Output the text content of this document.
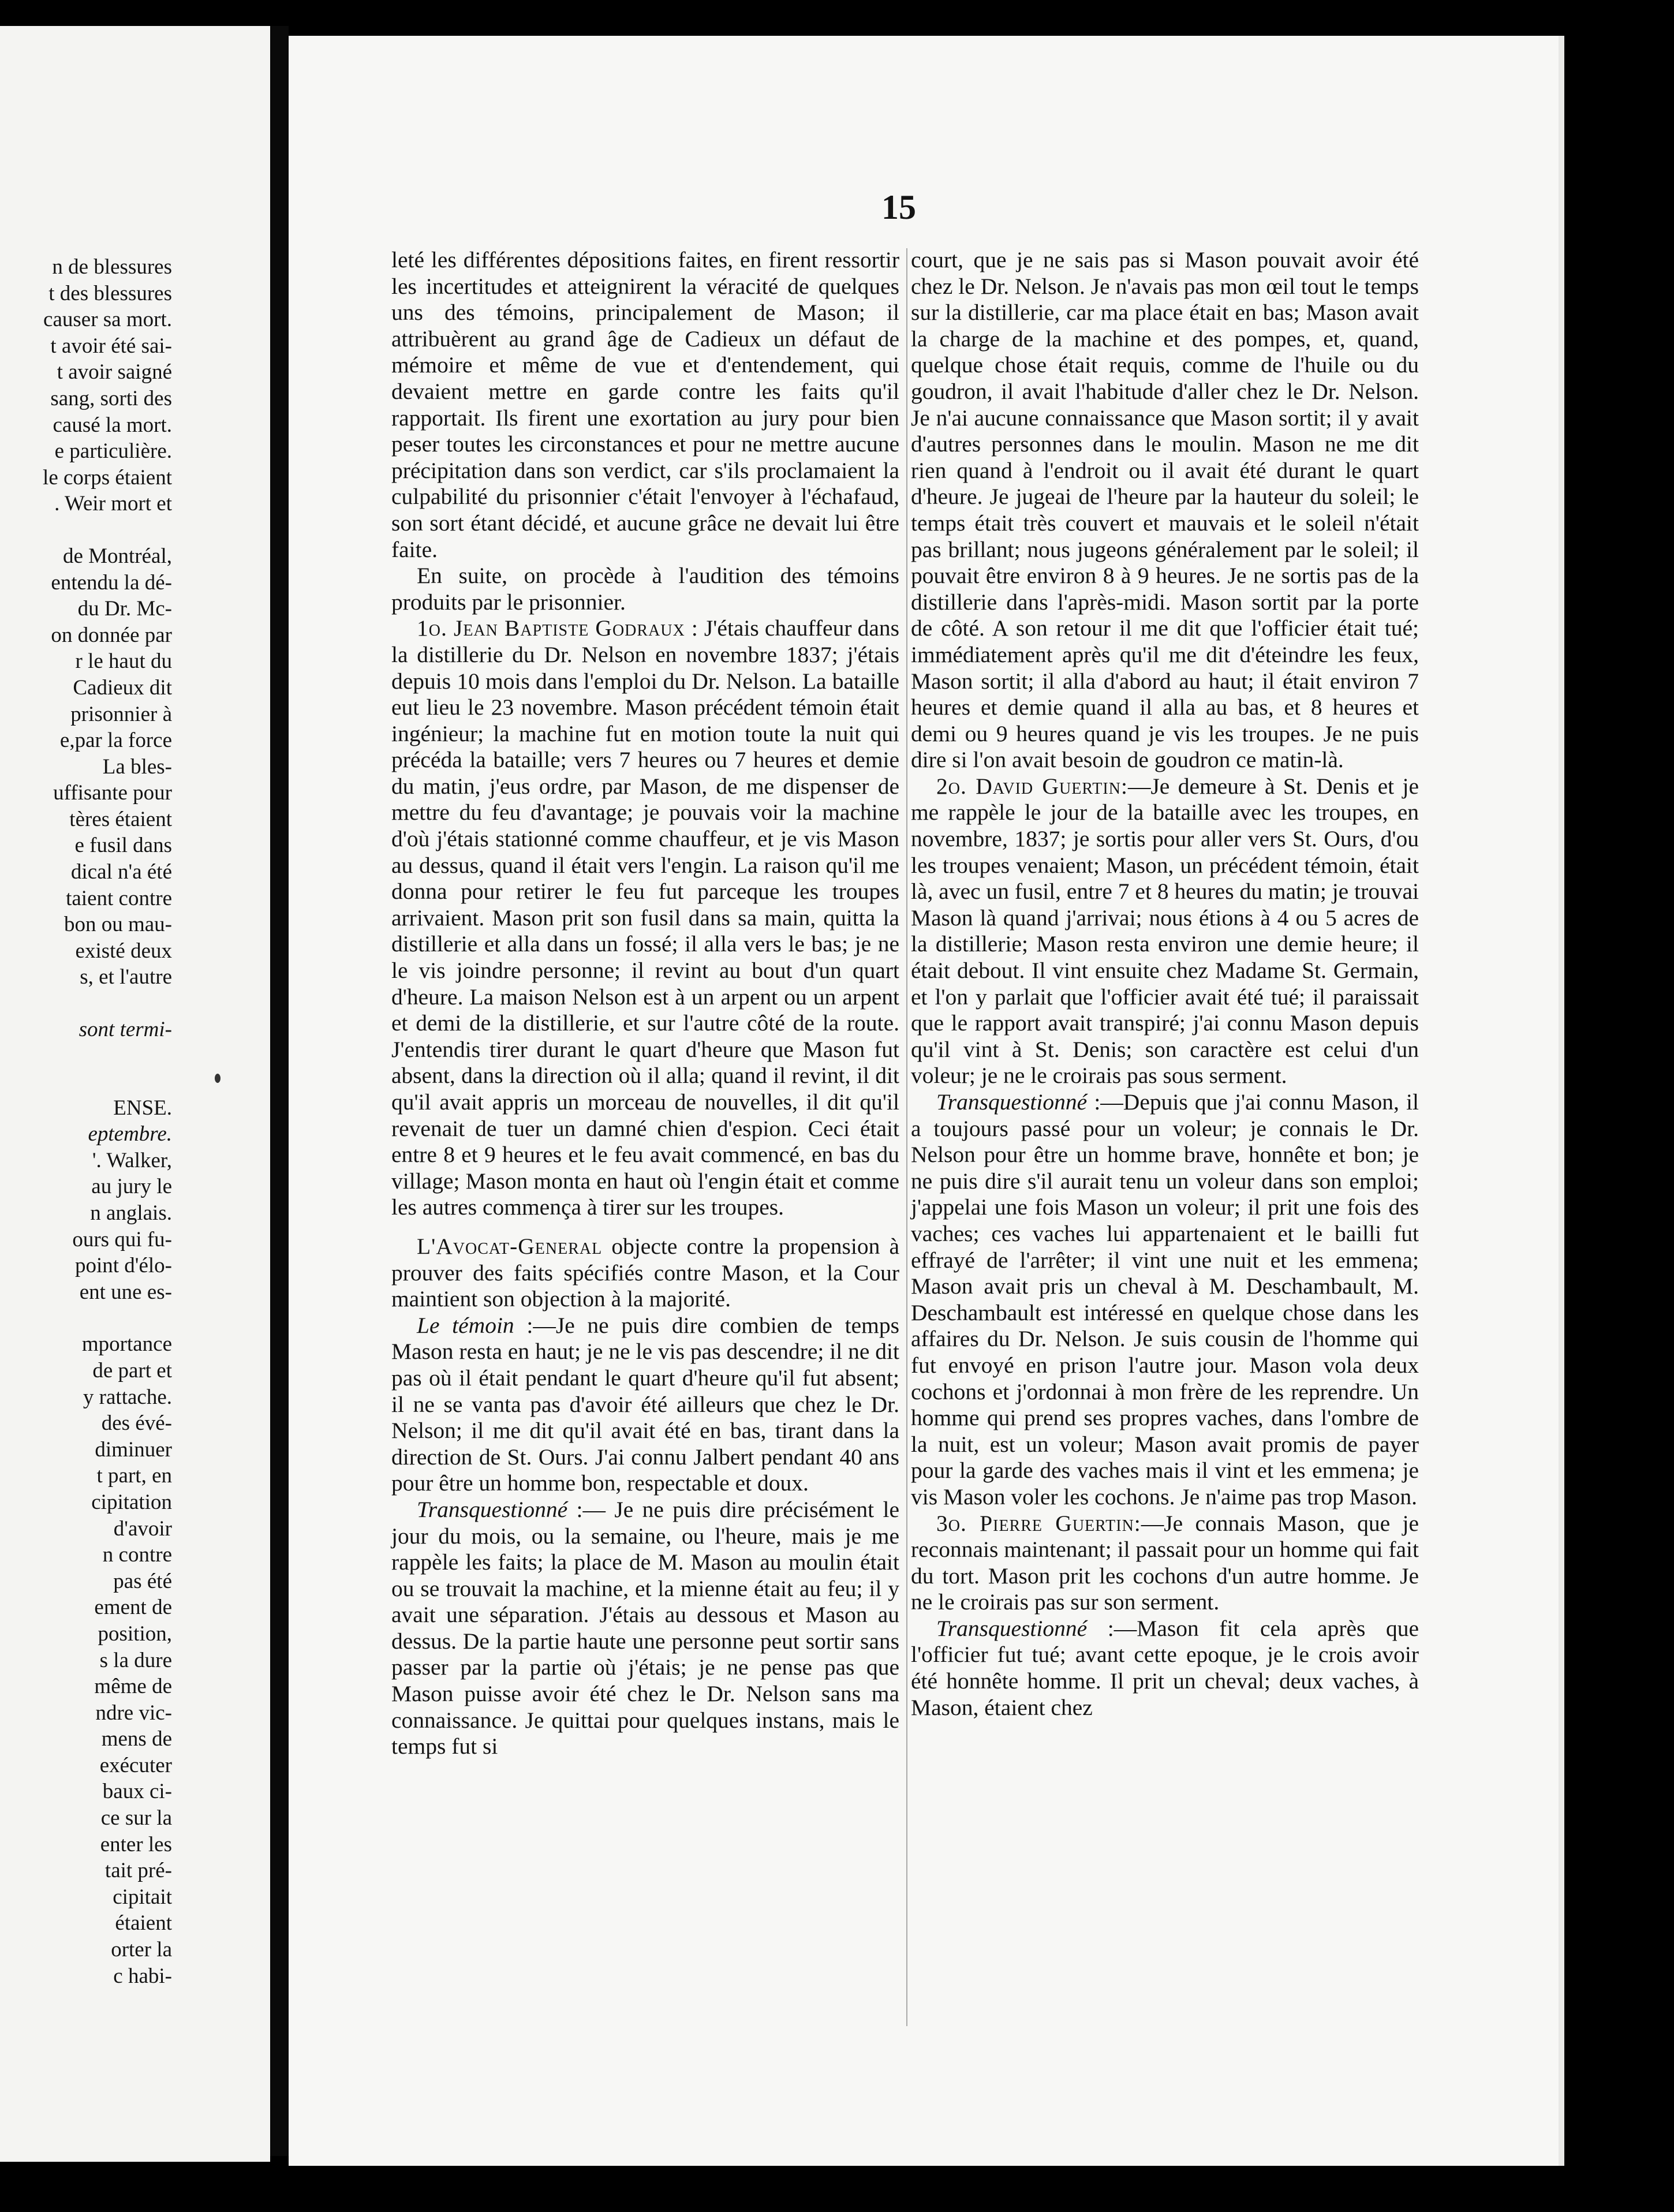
n de blessures
t des blessures
causer sa mort.
t avoir été sai-
t avoir saigné
sang, sorti des
causé la mort.
e particulière.
le corps étaient
. Weir mort et
de Montréal,
entendu la dé-
du Dr. Mc-
on donnée par
r le haut du
Cadieux dit
prisonnier à
e,par la force
La bles-
uffisante pour
tères étaient
e fusil dans
dical n'a été
taient contre
bon ou mau-
existé deux
s, et l'autre
sont termi-
ENSE.
eptembre.
'. Walker,
au jury le
n anglais.
ours qui fu-
point d'élo-
ent une es-
mportance
de part et
y rattache.
des évé-
diminuer
t part, en
cipitation
d'avoir
n contre
pas été
ement de
position,
s la dure
même de
ndre vic-
mens de
exécuter
baux ci-
ce sur la
enter les
tait pré-
cipitait
étaient
orter la
c habi-
15

leté les différentes dépositions faites, en firent ressortir les incertitudes et atteignirent la véracité de quelques uns des témoins, principalement de Mason; il attribuèrent au grand âge de Cadieux un défaut de mémoire et même de vue et d'entendement, qui devaient mettre en garde contre les faits qu'il rapportait. Ils firent une exortation au jury pour bien peser toutes les circonstances et pour ne mettre aucune précipitation dans son verdict, car s'ils proclamaient la culpabilité du prisonnier c'était l'envoyer à l'échafaud, son sort étant décidé, et aucune grâce ne devait lui être faite.

En suite, on procède à l'audition des témoins produits par le prisonnier.

1o. Jean Baptiste Godraux : J'étais chauffeur dans la distillerie du Dr. Nelson en novembre 1837; j'étais depuis 10 mois dans l'emploi du Dr. Nelson. La bataille eut lieu le 23 novembre. Mason précédent témoin était ingénieur; la machine fut en motion toute la nuit qui précéda la bataille; vers 7 heures ou 7 heures et demie du matin, j'eus ordre, par Mason, de me dispenser de mettre du feu d'avantage; je pouvais voir la machine d'où j'étais stationné comme chauffeur, et je vis Mason au dessus, quand il était vers l'engin. La raison qu'il me donna pour retirer le feu fut parceque les troupes arrivaient. Mason prit son fusil dans sa main, quitta la distillerie et alla dans un fossé; il alla vers le bas; je ne le vis joindre personne; il revint au bout d'un quart d'heure. La maison Nelson est à un arpent ou un arpent et demi de la distillerie, et sur l'autre côté de la route. J'entendis tirer durant le quart d'heure que Mason fut absent, dans la direction où il alla; quand il revint, il dit qu'il avait appris un morceau de nouvelles, il dit qu'il revenait de tuer un damné chien d'espion. Ceci était entre 8 et 9 heures et le feu avait commencé, en bas du village; Mason monta en haut où l'engin était et comme les autres commença à tirer sur les troupes.

L'Avocat-General objecte contre la propension à prouver des faits spécifiés contre Mason, et la Cour maintient son objection à la majorité.

Le témoin :—Je ne puis dire combien de temps Mason resta en haut; je ne le vis pas descendre; il ne dit pas où il était pendant le quart d'heure qu'il fut absent; il ne se vanta pas d'avoir été ailleurs que chez le Dr. Nelson; il me dit qu'il avait été en bas, tirant dans la direction de St. Ours. J'ai connu Jalbert pendant 40 ans pour être un homme bon, respectable et doux.

Transquestionné :— Je ne puis dire précisément le jour du mois, ou la semaine, ou l'heure, mais je me rappèle les faits; la place de M. Mason au moulin était ou se trouvait la machine, et la mienne était au feu; il y avait une séparation. J'étais au dessous et Mason au dessus. De la partie haute une personne peut sortir sans passer par la partie où j'étais; je ne pense pas que Mason puisse avoir été chez le Dr. Nelson sans ma connaissance. Je quittai pour quelques instans, mais le temps fut si

court, que je ne sais pas si Mason pouvait avoir été chez le Dr. Nelson. Je n'avais pas mon œil tout le temps sur la distillerie, car ma place était en bas; Mason avait la charge de la machine et des pompes, et, quand, quelque chose était requis, comme de l'huile ou du goudron, il avait l'habitude d'aller chez le Dr. Nelson. Je n'ai aucune connaissance que Mason sortit; il y avait d'autres personnes dans le moulin. Mason ne me dit rien quand à l'endroit ou il avait été durant le quart d'heure. Je jugeai de l'heure par la hauteur du soleil; le temps était très couvert et mauvais et le soleil n'était pas brillant; nous jugeons généralement par le soleil; il pouvait être environ 8 à 9 heures. Je ne sortis pas de la distillerie dans l'après-midi. Mason sortit par la porte de côté. A son retour il me dit que l'officier était tué; immédiatement après qu'il me dit d'éteindre les feux, Mason sortit; il alla d'abord au haut; il était environ 7 heures et demie quand il alla au bas, et 8 heures et demi ou 9 heures quand je vis les troupes. Je ne puis dire si l'on avait besoin de goudron ce matin-là.

2o. David Guertin:—Je demeure à St. Denis et je me rappèle le jour de la bataille avec les troupes, en novembre, 1837; je sortis pour aller vers St. Ours, d'ou les troupes venaient; Mason, un précédent témoin, était là, avec un fusil, entre 7 et 8 heures du matin; je trouvai Mason là quand j'arrivai; nous étions à 4 ou 5 acres de la distillerie; Mason resta environ une demie heure; il était debout. Il vint ensuite chez Madame St. Germain, et l'on y parlait que l'officier avait été tué; il paraissait que le rapport avait transpiré; j'ai connu Mason depuis qu'il vint à St. Denis; son caractère est celui d'un voleur; je ne le croirais pas sous serment.

Transquestionné :—Depuis que j'ai connu Mason, il a toujours passé pour un voleur; je connais le Dr. Nelson pour être un homme brave, honnête et bon; je ne puis dire s'il aurait tenu un voleur dans son emploi; j'appelai une fois Mason un voleur; il prit une fois des vaches; ces vaches lui appartenaient et le bailli fut effrayé de l'arrêter; il vint une nuit et les emmena; Mason avait pris un cheval à M. Deschambault, M. Deschambault est intéressé en quelque chose dans les affaires du Dr. Nelson. Je suis cousin de l'homme qui fut envoyé en prison l'autre jour. Mason vola deux cochons et j'ordonnai à mon frère de les reprendre. Un homme qui prend ses propres vaches, dans l'ombre de la nuit, est un voleur; Mason avait promis de payer pour la garde des vaches mais il vint et les emmena; je vis Mason voler les cochons. Je n'aime pas trop Mason.

3o. Pierre Guertin:—Je connais Mason, que je reconnais maintenant; il passait pour un homme qui fait du tort. Mason prit les cochons d'un autre homme. Je ne le croirais pas sur son serment.

Transquestionné :—Mason fit cela après que l'officier fut tué; avant cette epoque, je le crois avoir été honnête homme. Il prit un cheval; deux vaches, à Mason, étaient chez
